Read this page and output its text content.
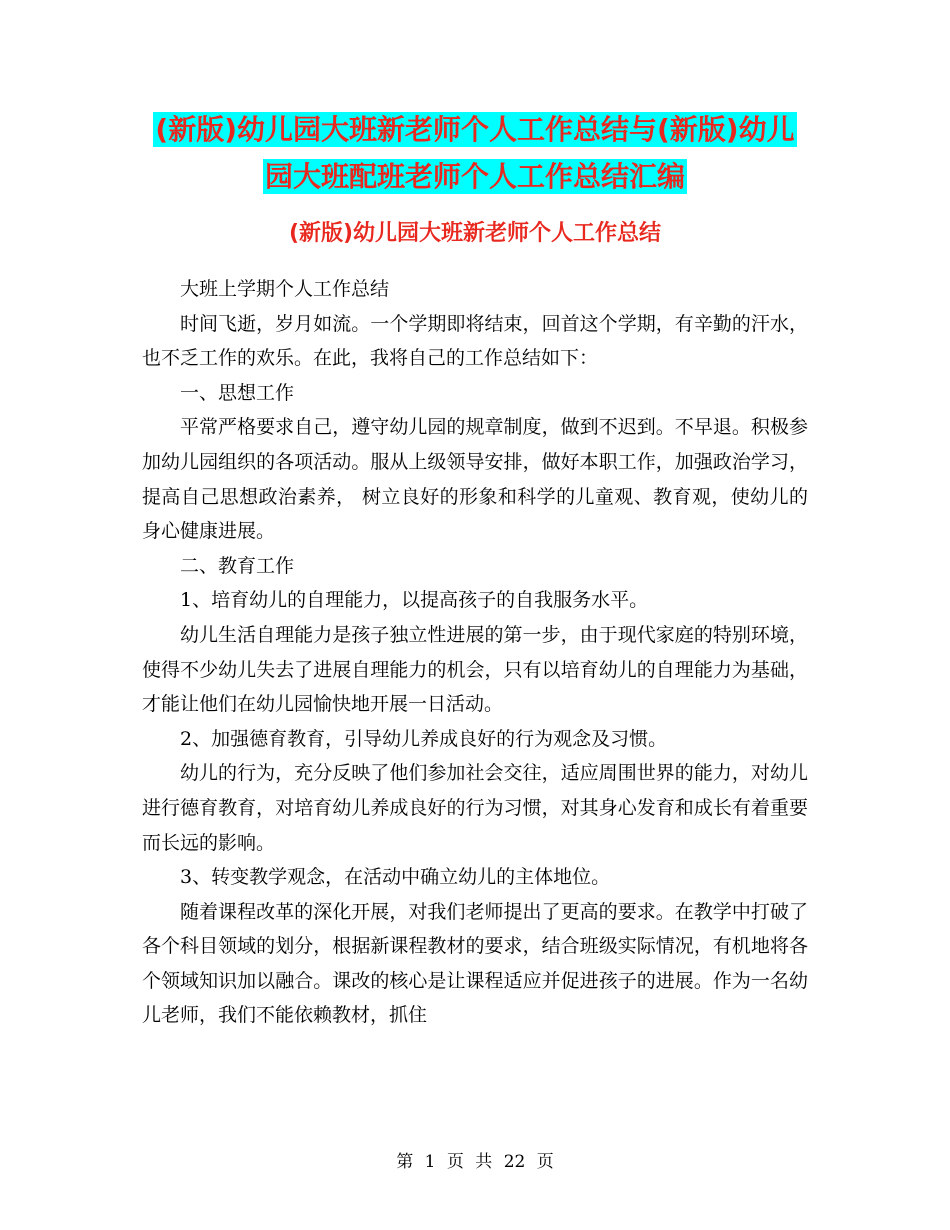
(新版)幼儿园大班新老师个人工作总结与(新版)幼儿
园大班配班老师个人工作总结汇编
(新版)幼儿园大班新老师个人工作总结

大班上学期个人工作总结

时间飞逝，岁月如流。一个学期即将结束，回首这个学期，有辛勤的汗水，也不乏工作的欢乐。在此，我将自己的工作总结如下：

一、思想工作

平常严格要求自己，遵守幼儿园的规章制度，做到不迟到。不早退。积极参加幼儿园组织的各项活动。服从上级领导安排，做好本职工作，加强政治学习，提高自己思想政治素养， 树立良好的形象和科学的儿童观、教育观，使幼儿的身心健康进展。

二、教育工作

1、培育幼儿的自理能力，以提高孩子的自我服务水平。

幼儿生活自理能力是孩子独立性进展的第一步，由于现代家庭的特别环境，使得不少幼儿失去了进展自理能力的机会，只有以培育幼儿的自理能力为基础，才能让他们在幼儿园愉快地开展一日活动。

2、加强德育教育，引导幼儿养成良好的行为观念及习惯。

幼儿的行为，充分反映了他们参加社会交往，适应周围世界的能力，对幼儿进行德育教育，对培育幼儿养成良好的行为习惯，对其身心发育和成长有着重要而长远的影响。

3、转变教学观念，在活动中确立幼儿的主体地位。

随着课程改革的深化开展，对我们老师提出了更高的要求。在教学中打破了各个科目领域的划分，根据新课程教材的要求，结合班级实际情况，有机地将各个领域知识加以融合。课改的核心是让课程适应并促进孩子的进展。作为一名幼儿老师，我们不能依赖教材，抓住

第 1 页 共 22 页
